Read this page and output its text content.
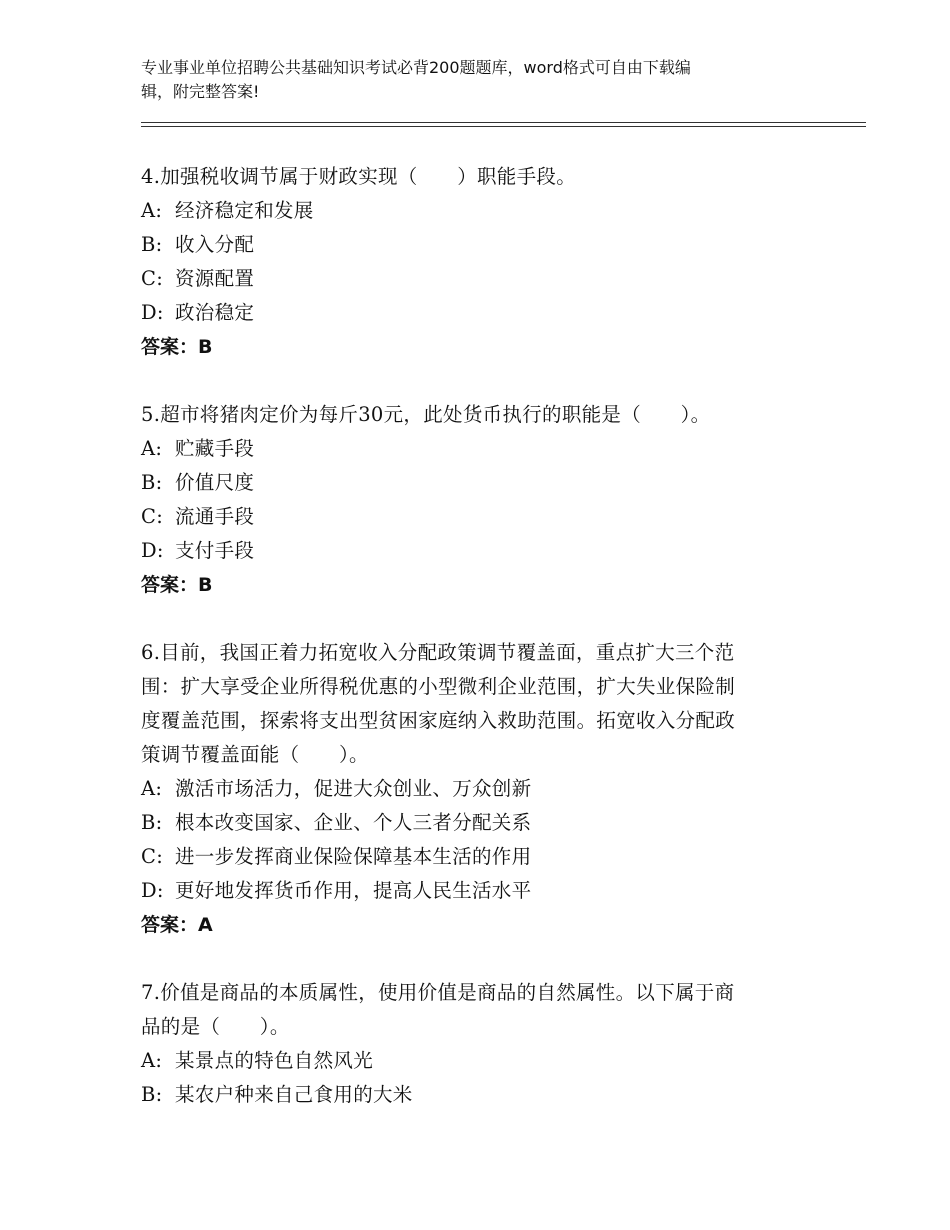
专业事业单位招聘公共基础知识考试必背200题题库，word格式可自由下载编
辑，附完整答案!
4.加强税收调节属于财政实现（　　）职能手段。
A: 经济稳定和发展
B: 收入分配
C: 资源配置
D: 政治稳定
答案：B
5.超市将猪肉定价为每斤30元，此处货币执行的职能是（　　）。
A: 贮藏手段
B: 价值尺度
C: 流通手段
D: 支付手段
答案：B
6.目前，我国正着力拓宽收入分配政策调节覆盖面，重点扩大三个范
围：扩大享受企业所得税优惠的小型微利企业范围，扩大失业保险制
度覆盖范围，探索将支出型贫困家庭纳入救助范围。拓宽收入分配政
策调节覆盖面能（　　）。
A: 激活市场活力，促进大众创业、万众创新
B: 根本改变国家、企业、个人三者分配关系
C: 进一步发挥商业保险保障基本生活的作用
D: 更好地发挥货币作用，提高人民生活水平
答案：A
7.价值是商品的本质属性，使用价值是商品的自然属性。以下属于商
品的是（　　）。
A: 某景点的特色自然风光
B: 某农户种来自己食用的大米
